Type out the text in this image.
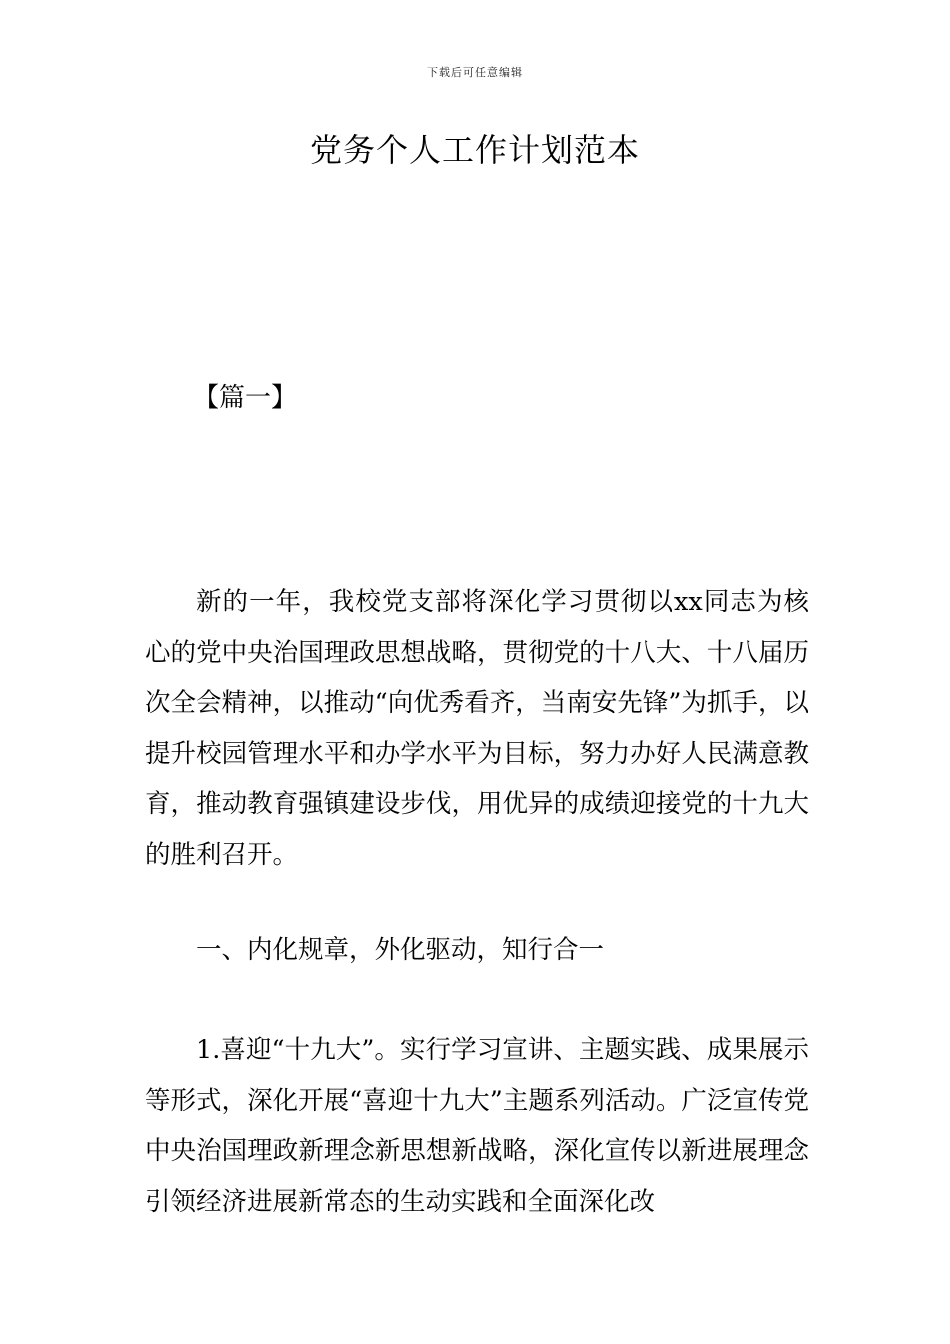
下载后可任意编辑
党务个人工作计划范本
【篇一】

新的一年，我校党支部将深化学习贯彻以xx同志为核心的党中央治国理政思想战略，贯彻党的十八大、十八届历次全会精神，以推动“向优秀看齐，当南安先锋”为抓手，以提升校园管理水平和办学水平为目标，努力办好人民满意教育，推动教育强镇建设步伐，用优异的成绩迎接党的十九大的胜利召开。

一、内化规章，外化驱动，知行合一

1.喜迎“十九大”。实行学习宣讲、主题实践、成果展示等形式，深化开展“喜迎十九大”主题系列活动。广泛宣传党中央治国理政新理念新思想新战略，深化宣传以新进展理念引领经济进展新常态的生动实践和全面深化改
